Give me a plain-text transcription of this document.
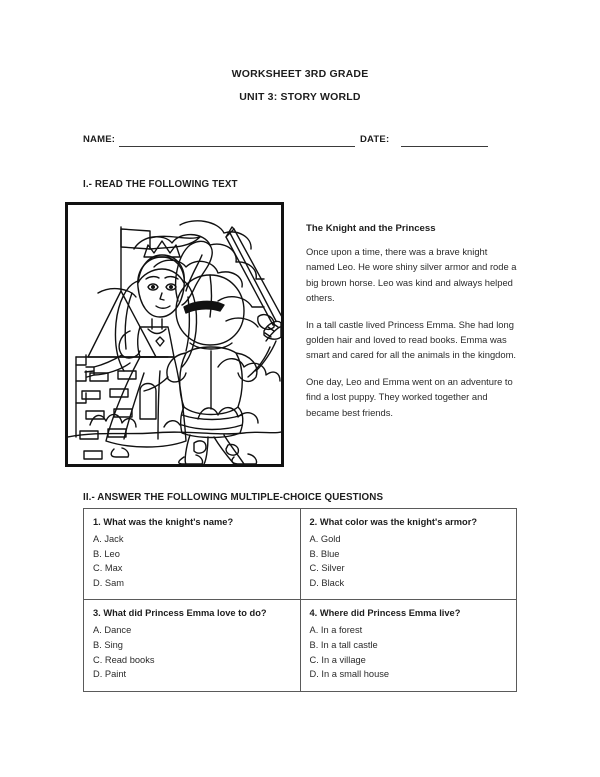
WORKSHEET 3RD GRADE
UNIT 3: STORY WORLD
NAME:	DATE:
I.- READ THE FOLLOWING TEXT
The Knight and the Princess

Once upon a time, there was a brave knight named Leo. He wore shiny silver armor and rode a big brown horse. Leo was kind and always helped others.

In a tall castle lived Princess Emma. She had long golden hair and loved to read books. Emma was smart and cared for all the animals in the kingdom.

One day, Leo and Emma went on an adventure to find a lost puppy. They worked together and became best friends.

II.- ANSWER THE FOLLOWING MULTIPLE-CHOICE QUESTIONS
1. What was the knight's name?
A. Jack
B. Leo
C. Max
D. Sam

2. What color was the knight's armor?
A. Gold
B. Blue
C. Silver
D. Black

3. What did Princess Emma love to do?
A. Dance
B. Sing
C. Read books
D. Paint

4. Where did Princess Emma live?
A. In a forest
B. In a tall castle
C. In a village
D. In a small house
